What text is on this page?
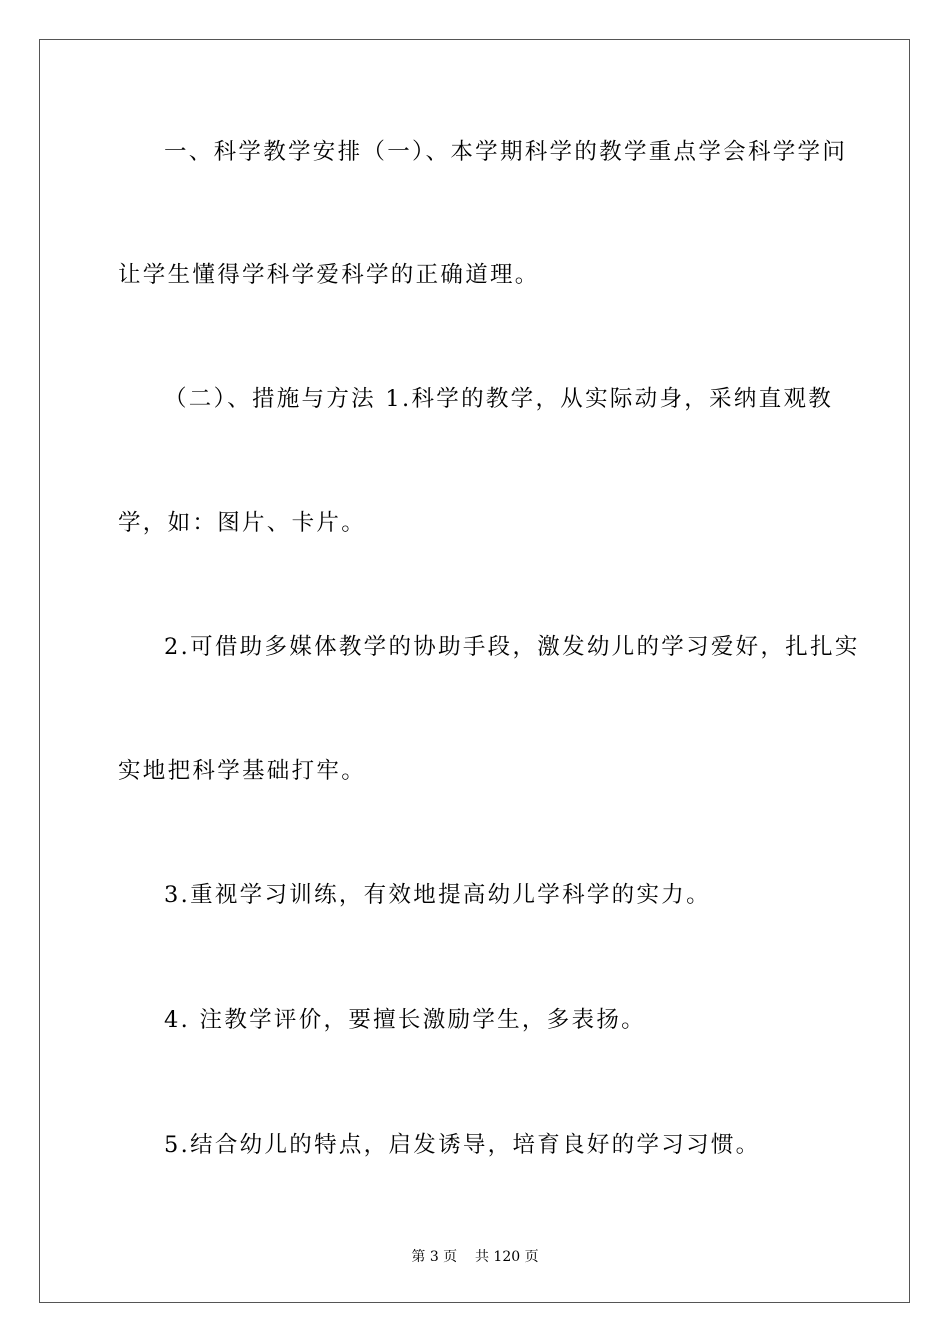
一、科学教学安排（一）、本学期科学的教学重点学会科学学问
让学生懂得学科学爱科学的正确道理。
（二）、措施与方法 1.科学的教学，从实际动身，采纳直观教
学，如：图片、卡片。
2.可借助多媒体教学的协助手段，激发幼儿的学习爱好，扎扎实
实地把科学基础打牢。
3.重视学习训练，有效地提高幼儿学科学的实力。
4. 注教学评价，要擅长激励学生，多表扬。
5.结合幼儿的特点，启发诱导，培育良好的学习习惯。
第 3 页    共 120 页
